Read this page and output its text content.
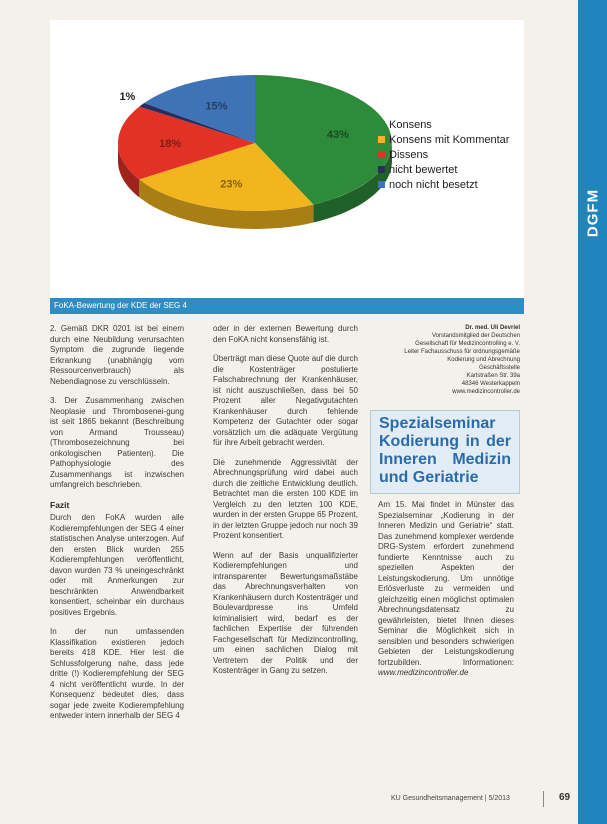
DGFM
43%
23%
18%
1%
15%
Konsens
Konsens mit Kommentar
Dissens
nicht bewertet
noch nicht besetzt
FoKA-Bewertung der KDE der SEG 4

2. Gemäß DKR 0201 ist bei einem durch eine Neubildung verursachten Symptom die zugrunde liegende Erkrankung (unabhängig vom Ressourcenverbrauch) als Nebendiagnose zu verschlüsseln.

3. Der Zusammenhang zwischen Neoplasie und Thrombosenei-gung ist seit 1865 bekannt (Beschreibung von Armand Trousseau) (Thrombosezeichnung bei onkologischen Patienten). Die Pathophysiologie des Zusammenhangs ist inzwischen umfangreich beschrieben.

Fazit

Durch den FoKA wurden alle Kodierempfehlungen der SEG 4 einer statistischen Analyse unterzogen. Auf den ersten Blick wurden 255 Kodierempfehlungen veröffentlicht, davon wurden 73 % uneingeschränkt oder mit Anmerkungen zur beschränkten Anwendbarkeit konsentiert, scheinbar ein durchaus positives Ergebnis.

In der nun umfassenden Klassifikation existieren jedoch bereits 418 KDE. Hier lest die Schlussfolgerung nahe, dass jede dritte (!) Kodierempfehlung der SEG 4 nicht veröffentlicht wurde. In der Konsequenz bedeutet dies, dass sogar jede zweite Kodierempfehlung entweder intern innerhalb der SEG 4

oder in der externen Bewertung durch den FoKA nicht konsensfähig ist.

Überträgt man diese Quote auf die durch die Kostenträger postulierte Falschabrechnung der Krankenhäuser, ist nicht auszuschließen, dass bei 50 Prozent aller Negativgutachten Krankenhäuser durch fehlende Kompetenz der Gutachter oder sogar vorsätzlich um die adäquate Vergütung für ihre Arbeit gebracht werden.

Die zunehmende Aggressivität der Abrechnungsprüfung wird dabei auch durch die zeitliche Entwicklung deutlich. Betrachtet man die ersten 100 KDE im Vergleich zu den letzten 100 KDE, wurden in der ersten Gruppe 65 Prozent, in der letzten Gruppe jedoch nur noch 39 Prozent konsentiert.

Wenn auf der Basis unqualifizierter Kodierempfehlungen und intransparenter Bewertungsmaßstäbe das Abrechnungsverhalten von Krankenhäusern durch Kostenträger und Boulevardpresse ins Umfeld kriminalisiert wird, bedarf es der fachlichen Expertise der führenden Fachgesellschaft für Medizincontrolling, um einen sachlichen Dialog mit Vertretern der Politik und der Kostenträger in Gang zu setzen.

Dr. med. Uli Devriel
Vorstandsmitglied der Deutschen
Gesellschaft für Medizincontrolling e. V.
Leiter Fachausschuss für ordnungsgemäße
Kodierung und Abrechnung
Geschäftsstelle
Karlstraßen Str. 39a
48346 Westerkappeln
www.medizincontroller.de
Spezialseminar Kodierung in der Inneren Medizin und Geriatrie
Am 15. Mai findet in Münster das Spezialseminar „Kodierung in der Inneren Medizin und Geriatrie“ statt. Das zunehmend komplexer werdende DRG-System erfordert zunehmend fundierte Kenntnisse auch zu speziellen Aspekten der Leistungskodierung. Um unnötige Erlösverluste zu vermeiden und gleichzeitig einen möglichst optimalen Abrechnungsdatensatz zu gewährleisten, bietet Ihnen dieses Seminar die Möglichkeit sich in sensiblen und besonders schwierigen Gebieten der Leistungskodierung fortzubilden. Informationen: www.medizincontroller.de
KU Gesundheitsmanagement | 5/2013	69
